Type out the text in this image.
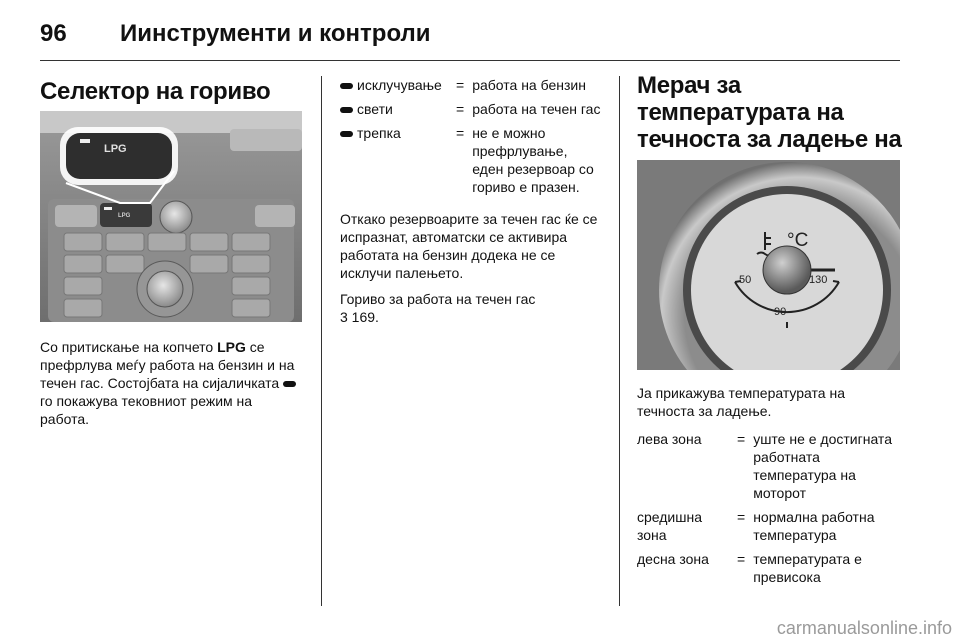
96 Иинструменти и контроли
Селектор на гориво
LPG
LPG

Со притискање на копчето LPG се префрлува меѓу работа на бензин и на течен гас. Состојбата на сијаличката  го покажува тековниот режим на работа.

исклучување	=	работа на бензин
свети	=	работа на течен гас
трепка	=	не е можно префрлување, еден резервоар со гориво е празен.

Откако резервоарите за течен гас ќе се испразнат, автоматски се активира работата на бензин додека не се исклучи палењето.

Гориво за работа на течен гас
3 169.

Мерач за температурата на течноста за ладење на
°C
50
90
130

Ја прикажува температурата на течноста за ладење.

лева зона	=	уште не е достигната работната температура на моторот
средишна зона	=	нормална работна температура
десна зона	=	температурата е превисока
carmanualsonline.info
